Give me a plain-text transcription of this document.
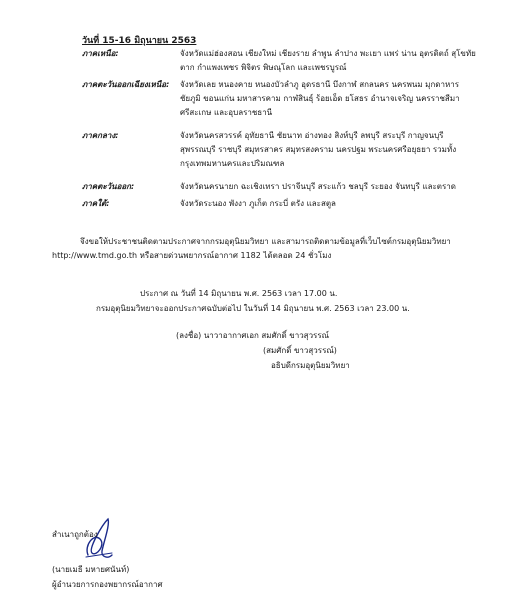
วันที่ 15-16 มิถุนายน 2563
ภาคเหนือ:	จังหวัดแม่ฮ่องสอน เชียงใหม่ เชียงราย ลำพูน ลำปาง พะเยา แพร่ น่าน อุตรดิตถ์ สุโขทัย
ตาก กำแพงเพชร พิจิตร พิษณุโลก และเพชรบูรณ์
ภาคตะวันออกเฉียงเหนือ:	จังหวัดเลย หนองคาย หนองบัวลำภู อุดรธานี บึงกาฬ สกลนคร นครพนม มุกดาหาร
ชัยภูมิ ขอนแก่น มหาสารคาม กาฬสินธุ์ ร้อยเอ็ด ยโสธร อำนาจเจริญ นครราชสีมา
ศรีสะเกษ และอุบลราชธานี
ภาคกลาง:	จังหวัดนครสวรรค์ อุทัยธานี ชัยนาท อ่างทอง สิงห์บุรี ลพบุรี สระบุรี กาญจนบุรี
สุพรรณบุรี ราชบุรี สมุทรสาคร สมุทรสงคราม นครปฐม พระนครศรีอยุธยา รวมทั้ง
กรุงเทพมหานครและปริมณฑล
ภาคตะวันออก:	จังหวัดนครนายก ฉะเชิงเทรา ปราจีนบุรี สระแก้ว ชลบุรี ระยอง จันทบุรี และตราด
ภาคใต้:	จังหวัดระนอง พังงา ภูเก็ต กระบี่ ตรัง และสตูล
จึงขอให้ประชาชนติดตามประกาศจากกรมอุตุนิยมวิทยา และสามารถติดตามข้อมูลที่เว็บไซต์กรมอุตุนิยมวิทยา
http://www.tmd.go.th หรือสายด่วนพยากรณ์อากาศ 1182 ได้ตลอด 24 ชั่วโมง
ประกาศ ณ วันที่ 14 มิถุนายน พ.ศ. 2563 เวลา 17.00 น.
กรมอุตุนิยมวิทยาจะออกประกาศฉบับต่อไป ในวันที่ 14 มิถุนายน พ.ศ. 2563 เวลา 23.00 น.
(ลงชื่อ) นาวาอากาศเอก สมศักดิ์ ขาวสุวรรณ์
(สมศักดิ์ ขาวสุวรรณ์)
อธิบดีกรมอุตุนิยมวิทยา
สำเนาถูกต้อง
(นายเมธี มหายศนันท์)
ผู้อำนวยการกองพยากรณ์อากาศ
